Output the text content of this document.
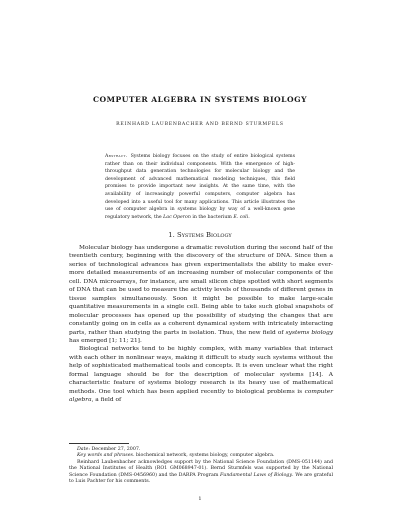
COMPUTER ALGEBRA IN SYSTEMS BIOLOGY
REINHARD LAUBENBACHER AND BERND STURMFELS
Abstract. Systems biology focuses on the study of entire biological systems rather than on their individual components. With the emergence of high-throughput data generation technologies for molecular biology and the development of advanced mathematical modeling techniques, this field promises to provide important new insights. At the same time, with the availability of increasingly powerful computers, computer algebra has developed into a useful tool for many applications. This article illustrates the use of computer algebra in systems biology by way of a well-known gene regulatory network, the Lac Operon in the bacterium E. coli.
1. Systems Biology

Molecular biology has undergone a dramatic revolution during the second half of the twentieth century, beginning with the discovery of the structure of DNA. Since then a series of technological advances has given experimentalists the ability to make ever-more detailed measurements of an increasing number of molecular components of the cell. DNA microarrays, for instance, are small silicon chips spotted with short segments of DNA that can be used to measure the activity levels of thousands of different genes in tissue samples simultaneously. Soon it might be possible to make large-scale quantitative measurements in a single cell. Being able to take such global snapshots of molecular processes has opened up the possibility of studying the changes that are constantly going on in cells as a coherent dynamical system with intricately interacting parts, rather than studying the parts in isolation. Thus, the new field of systems biology has emerged [1; 11; 21].

Biological networks tend to be highly complex, with many variables that interact with each other in nonlinear ways, making it difficult to study such systems without the help of sophisticated mathematical tools and concepts. It is even unclear what the right formal language should be for the description of molecular systems [14]. A characteristic feature of systems biology research is its heavy use of mathematical methods. One tool which has been applied recently to biological problems is computer algebra, a field of

Date: December 27, 2007.

Key words and phrases. biochemical network, systems biology, computer algebra.

Reinhard Laubenbacher acknowledges support by the National Science Foundation (DMS-051144) and the National Institutes of Health (RO1 GM068947-01). Bernd Sturmfels was supported by the National Science Foundation (DMS-0456960) and the DARPA Program Fundamental Laws of Biology. We are grateful to Luis Pachter for his comments.

1
